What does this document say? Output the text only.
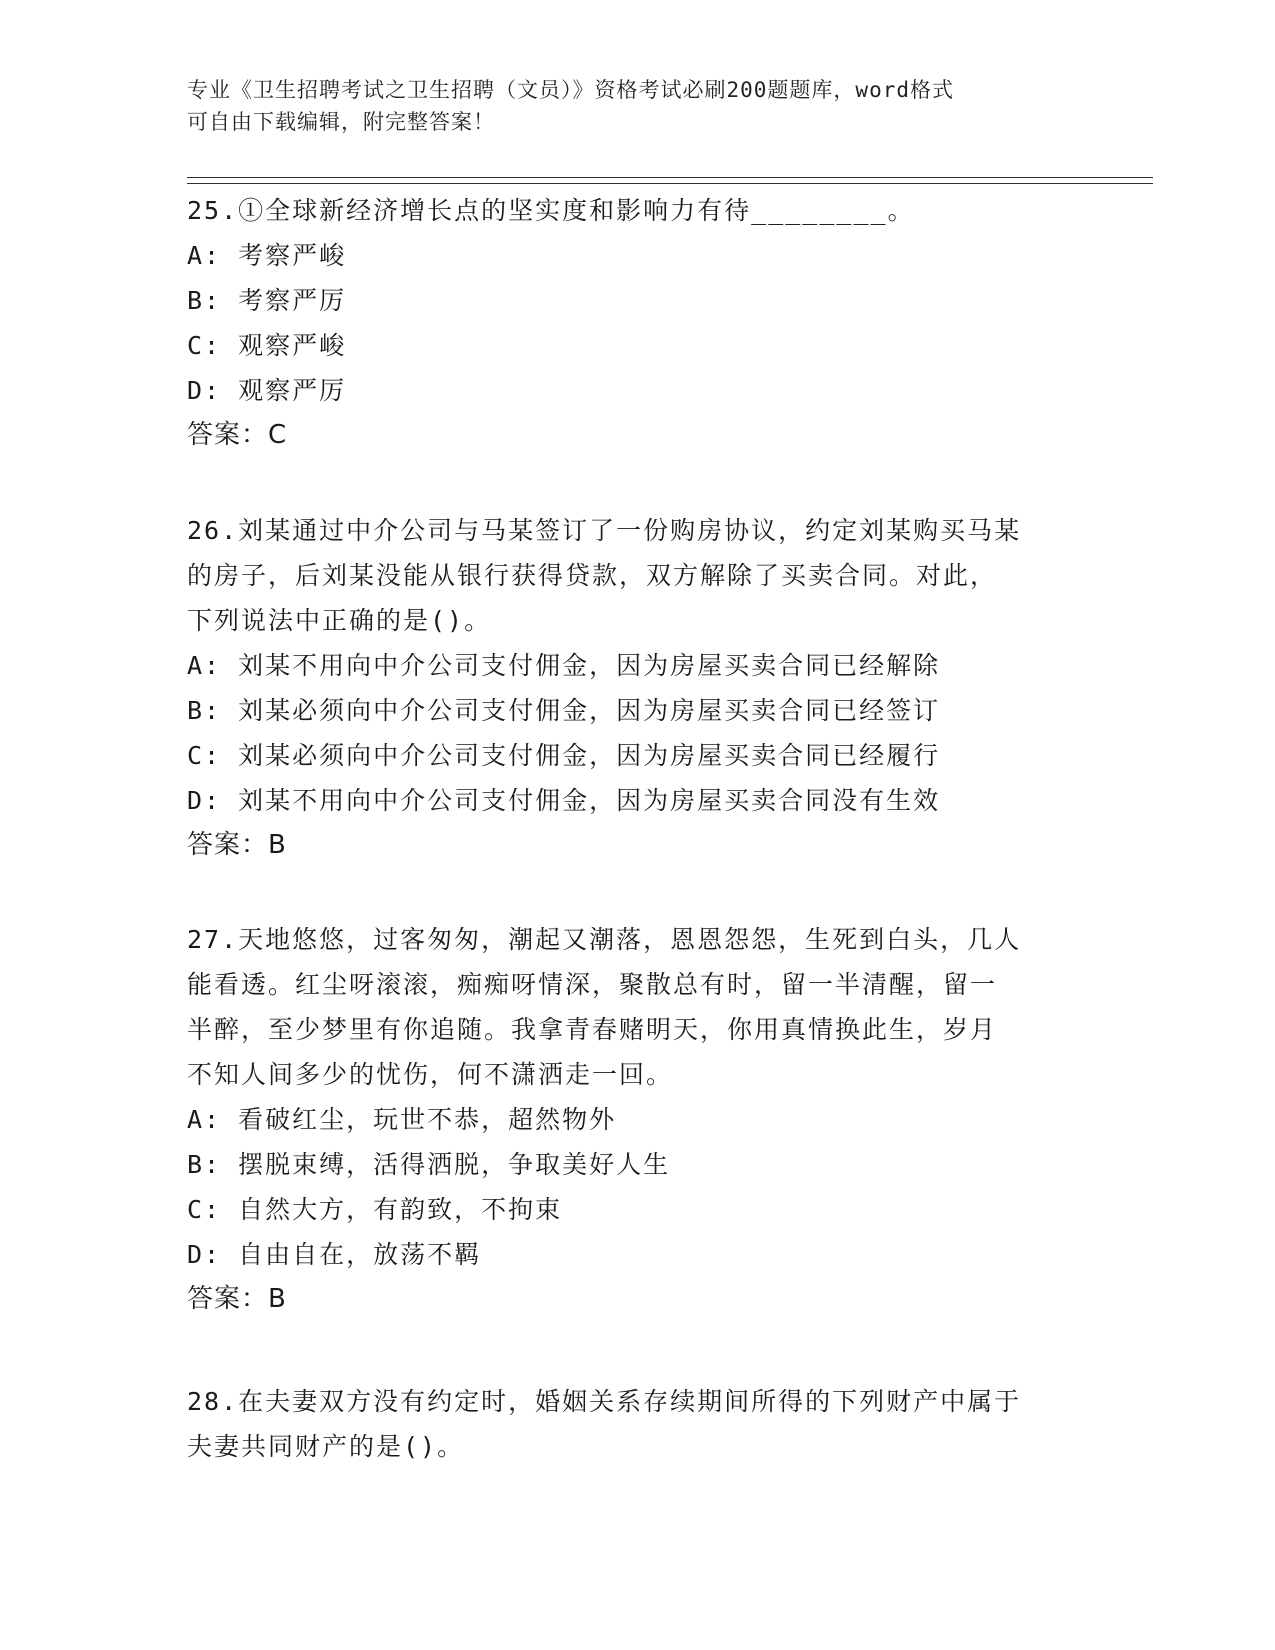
专业《卫生招聘考试之卫生招聘（文员）》资格考试必刷200题题库，word格式
可自由下载编辑，附完整答案！
25.①全球新经济增长点的坚实度和影响力有待________。
A: 考察严峻
B: 考察严厉
C: 观察严峻
D: 观察严厉
答案：C
26.刘某通过中介公司与马某签订了一份购房协议，约定刘某购买马某
的房子，后刘某没能从银行获得贷款，双方解除了买卖合同。对此，
下列说法中正确的是()。
A: 刘某不用向中介公司支付佣金，因为房屋买卖合同已经解除
B: 刘某必须向中介公司支付佣金，因为房屋买卖合同已经签订
C: 刘某必须向中介公司支付佣金，因为房屋买卖合同已经履行
D: 刘某不用向中介公司支付佣金，因为房屋买卖合同没有生效
答案：B
27.天地悠悠，过客匆匆，潮起又潮落，恩恩怨怨，生死到白头，几人
能看透。红尘呀滚滚，痴痴呀情深，聚散总有时，留一半清醒，留一
半醉，至少梦里有你追随。我拿青春赌明天，你用真情换此生，岁月
不知人间多少的忧伤，何不潇洒走一回。
A: 看破红尘，玩世不恭，超然物外
B: 摆脱束缚，活得洒脱，争取美好人生
C: 自然大方，有韵致，不拘束
D: 自由自在，放荡不羁
答案：B
28.在夫妻双方没有约定时，婚姻关系存续期间所得的下列财产中属于
夫妻共同财产的是()。
